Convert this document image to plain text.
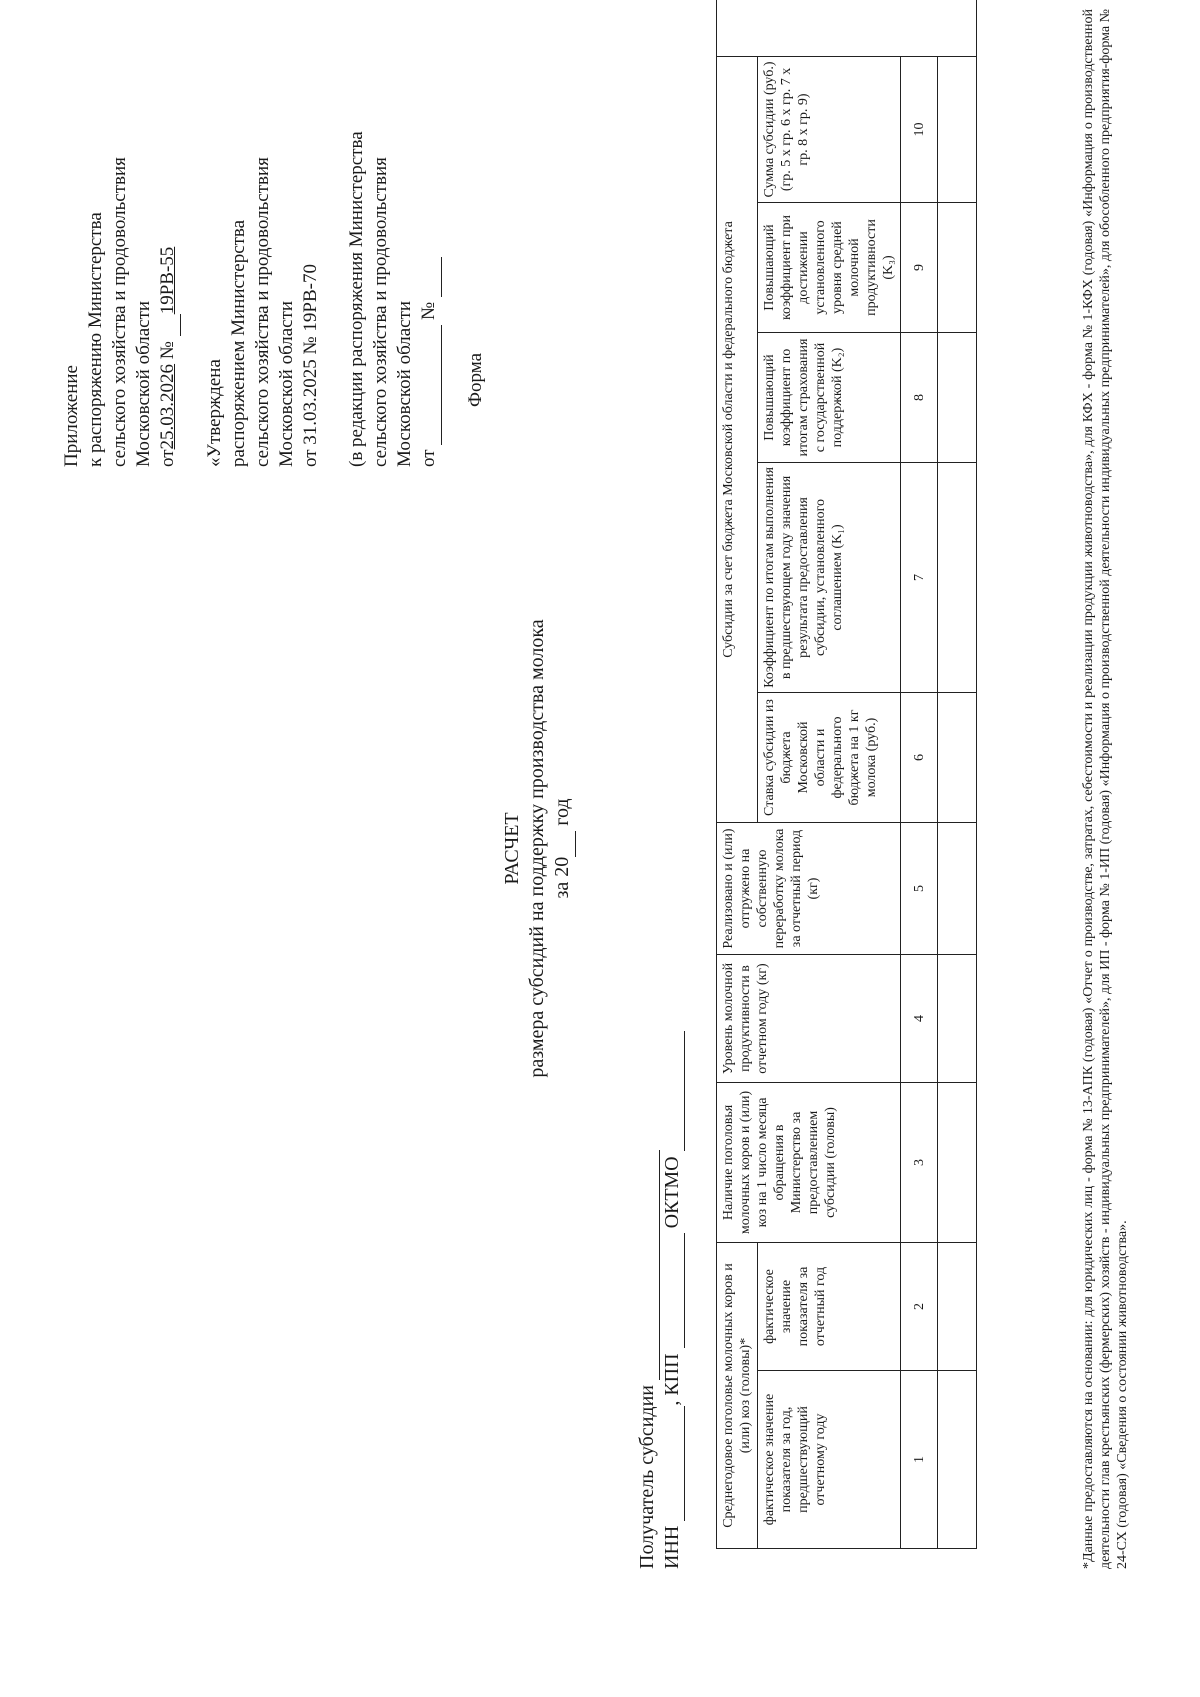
Приложение к распоряжению Министерства сельского хозяйства и продовольствия Московской области от25.03.2026 №  19РВ-55

«Утверждена распоряжением Министерства сельского хозяйства и продовольствия Московской области от 31.03.2025 № 19РВ-70 (в редакции распоряжения Министерства сельского хозяйства и продовольствия Московской области от   №

Форма

РАСЧЕТ размера субсидий на поддержку производства молока за 20  год
Получатель субсидии ИНН  , КПП   ОКТМО
Среднегодовое поголовье молочных коров и (или) коз (головы)*		Наличие поголовья молочных коров и (или) коз на 1 число месяца обращения в Министерство за предоставлением субсидии (головы)	Уровень молочной продуктивности в отчетном году (кг)	Реализовано и (или) отгружено на собственную переработку молока за отчетный период (кг)	Субсидии за счет бюджета Московской области и федерального бюджета					
фактическое значение показателя за год, предшествующий отчетному году	фактическое значение показателя за отчетный год				Ставка субсидии из бюджета Московской области и федерального бюджета на 1 кг молока (руб.)	Коэффициент по итогам выполнения в предшествующем году значения результата предоставления субсидии, установленного соглашением (K₁)	Повышающий коэффициент по итогам страхования с государственной поддержкой (K₂)	Повышающий коэффициент при достижении установленного уровня средней молочной продуктивности (K₃)	Сумма субсидии (руб.) (гр. 5 х гр. 6 х гр. 7 х гр. 8 х гр. 9)	
1	2	3	4	5	6	7	8	9	10	
										*Данные предоставляются на основании: для юридических лиц - форма № 13-АПК (годовая) «Отчет о производстве, затратах, себестоимости и реализации продукции животноводства», для КФХ - форма № 1-КФХ (годовая) «Информация о производственной деятельности глав крестьянских (фермерских) хозяйств - индивидуальных предпринимателей», для ИП - форма № 1-ИП (годовая) «Информация о производственной деятельности индивидуальных предпринимателей», для обособленного предприятия-форма № 24-СХ (годовая) «Сведения о состоянии животноводства».
